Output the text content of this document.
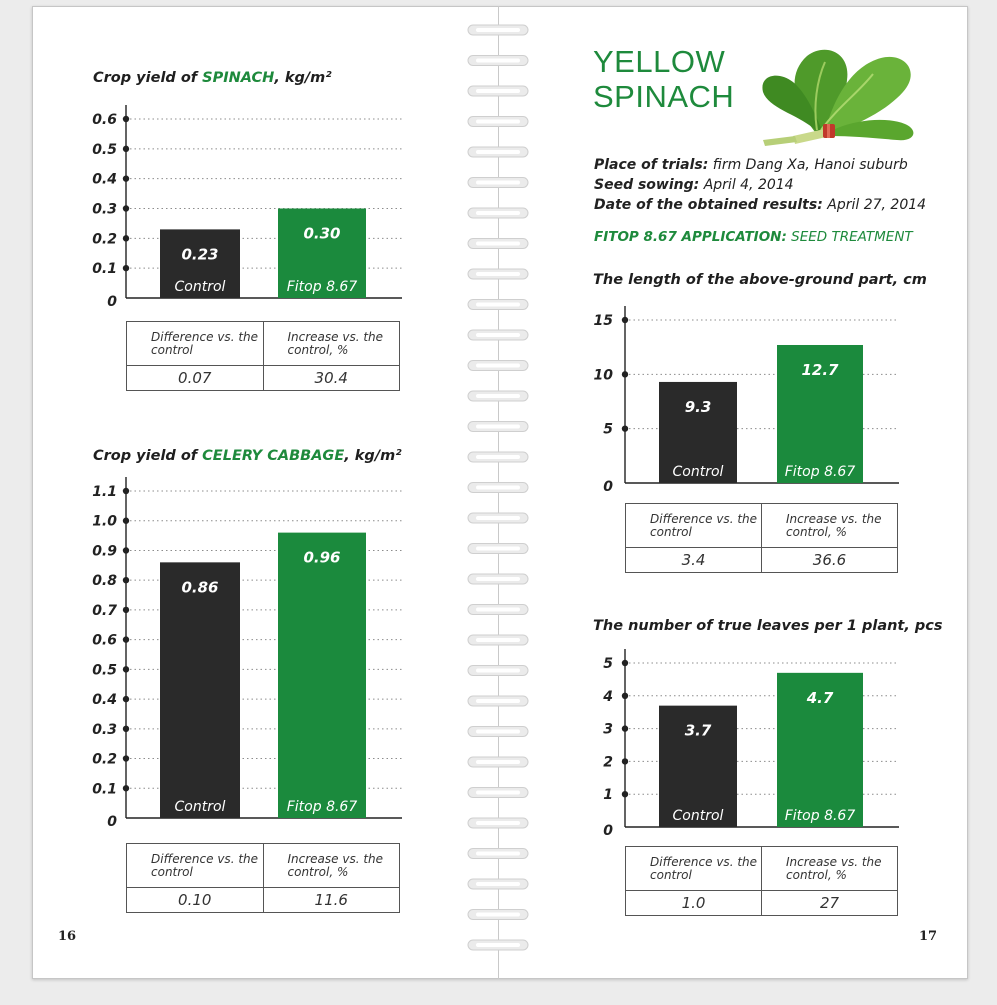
Crop yield of SPINACH, kg/m²
0
0.1
0.2
0.3
0.4
0.5
0.6
0.23
Control
0.30
Fitop 8.67
Difference vs. the control	Increase vs. the control, %
0.07	30.4
Crop yield of CELERY CABBAGE, kg/m²
0
0.1
0.2
0.3
0.4
0.5
0.6
0.7
0.8
0.9
1.0
1.1
0.86
Control
0.96
Fitop 8.67
Difference vs. the control	Increase vs. the control, %
0.10	11.6
YELLOW
SPINACH
Place of trials: firm Dang Xa, Hanoi suburb
Seed sowing: April 4, 2014
Date of the obtained results: April 27, 2014
FITOP 8.67 APPLICATION: SEED TREATMENT
The length of the above-ground part, cm
0
5
10
15
9.3
Control
12.7
Fitop 8.67
Difference vs. the control	Increase vs. the control, %
3.4	36.6
The number of true leaves per 1 plant, pcs
0
1
2
3
4
5
3.7
Control
4.7
Fitop 8.67
Difference vs. the control	Increase vs. the control, %
1.0	27
16	17
